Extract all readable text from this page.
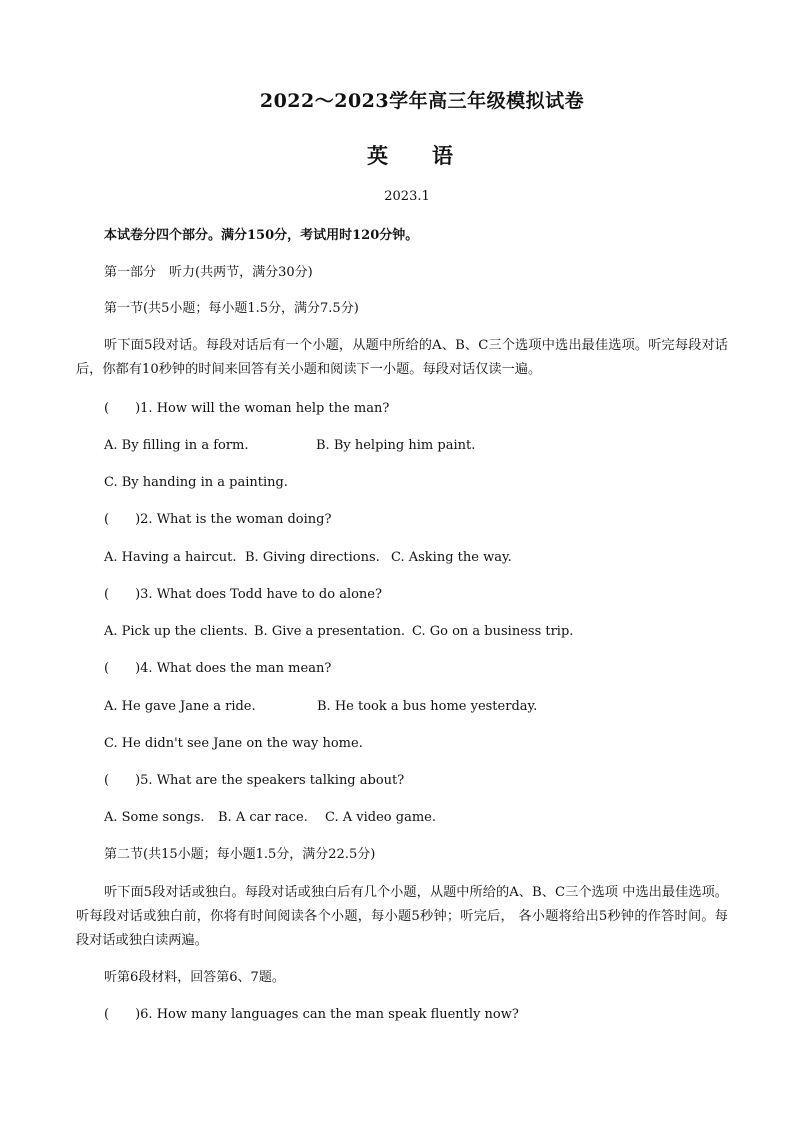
2022～2023学年高三年级模拟试卷
英语
2023.1
本试卷分四个部分。满分150分，考试用时120分钟。
第一部分　听力(共两节，满分30分)
第一节(共5小题；每小题1.5分，满分7.5分)
听下面5段对话。每段对话后有一个小题，从题中所给的A、B、C三个选项中选出最佳选项。听完每段对话后，你都有10秒钟的时间来回答有关小题和阅读下一小题。每段对话仅读一遍。
( )1. How will the woman help the man?
A. By filling in a form.	B. By helping him paint.
C. By handing in a painting.
( )2. What is the woman doing?
A. Having a haircut. B. Giving directions. C. Asking the way.
( )3. What does Todd have to do alone?
A. Pick up the clients. B. Give a presentation. C. Go on a business trip.
( )4. What does the man mean?
A. He gave Jane a ride.	B. He took a bus home yesterday.
C. He didn't see Jane on the way home.
( )5. What are the speakers talking about?
A. Some songs. B. A car race. C. A video game.
第二节(共15小题；每小题1.5分，满分22.5分)
听下面5段对话或独白。每段对话或独白后有几个小题，从题中所给的A、B、C三个选项 中选出最佳选项。听每段对话或独白前，你将有时间阅读各个小题，每小题5秒钟；听完后， 各小题将给出5秒钟的作答时间。每段对话或独白读两遍。
听第6段材料，回答第6、7题。
( )6. How many languages can the man speak fluently now?
